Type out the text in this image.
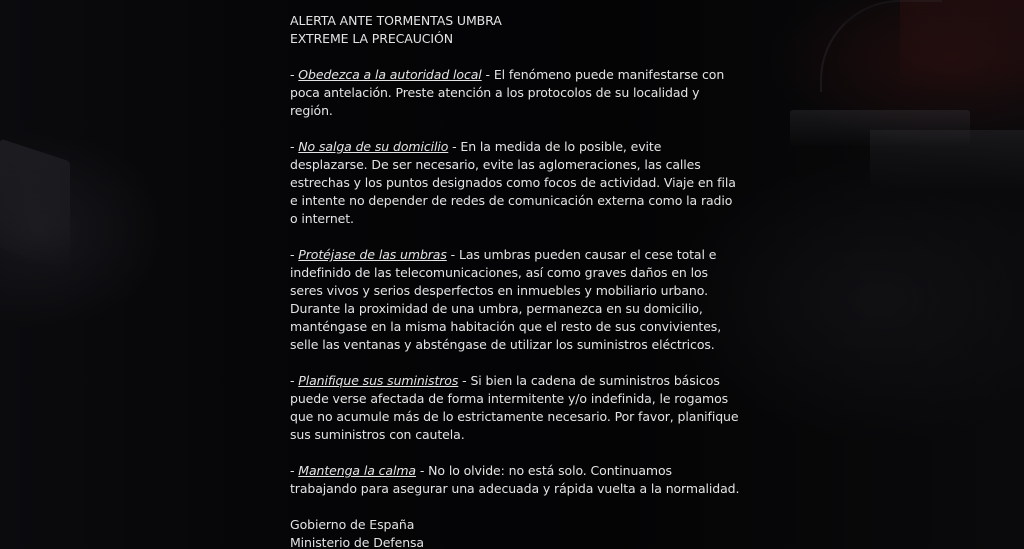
ALERTA ANTE TORMENTAS UMBRA
EXTREME LA PRECAUCIÓN

- Obedezca a la autoridad local - El fenómeno puede manifestarse con poca antelación. Preste atención a los protocolos de su localidad y región.

- No salga de su domicilio - En la medida de lo posible, evite desplazarse. De ser necesario, evite las aglomeraciones, las calles estrechas y los puntos designados como focos de actividad. Viaje en fila e intente no depender de redes de comunicación externa como la radio o internet.

- Protéjase de las umbras - Las umbras pueden causar el cese total e indefinido de las telecomunicaciones, así como graves daños en los seres vivos y serios desperfectos en inmuebles y mobiliario urbano. Durante la proximidad de una umbra, permanezca en su domicilio, manténgase en la misma habitación que el resto de sus convivientes, selle las ventanas y absténgase de utilizar los suministros eléctricos.

- Planifique sus suministros - Si bien la cadena de suministros básicos puede verse afectada de forma intermitente y/o indefinida, le rogamos que no acumule más de lo estrictamente necesario. Por favor, planifique sus suministros con cautela.

- Mantenga la calma - No lo olvide: no está solo. Continuamos trabajando para asegurar una adecuada y rápida vuelta a la normalidad.

Gobierno de España
Ministerio de Defensa
